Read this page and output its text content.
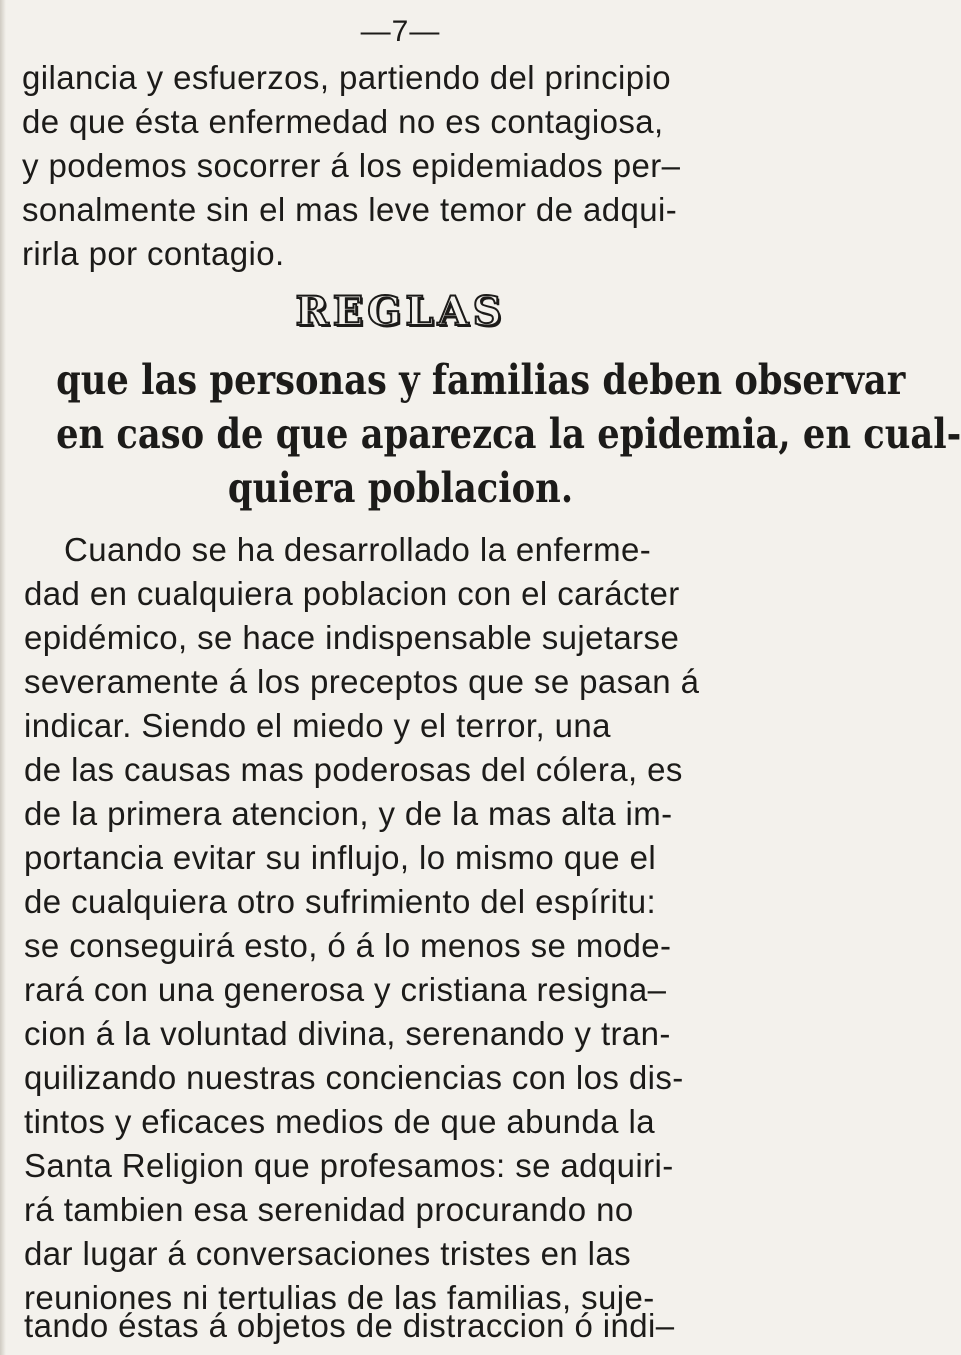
—7—
gilancia y esfuerzos, partiendo del principio
de que ésta enfermedad no es contagiosa,
y podemos socorrer á los epidemiados per–
sonalmente sin el mas leve temor de adqui-
rirla por contagio.
REGLAS
que las personas y familias deben observar
en caso de que aparezca la epidemia, en cual-
quiera poblacion.
Cuando se ha desarrollado la enferme-
dad en cualquiera poblacion con el carácter
epidémico, se hace indispensable sujetarse
severamente á los preceptos que se pasan á
indicar. Siendo el miedo y el terror, una
de las causas mas poderosas del cólera, es
de la primera atencion, y de la mas alta im-
portancia evitar su influjo, lo mismo que el
de cualquiera otro sufrimiento del espíritu:
se conseguirá esto, ó á lo menos se mode-
rará con una generosa y cristiana resigna–
cion á la voluntad divina, serenando y tran-
quilizando nuestras conciencias con los dis-
tintos y eficaces medios de que abunda la
Santa Religion que profesamos: se adquiri-
rá tambien esa serenidad procurando no
dar lugar á conversaciones tristes en las
reuniones ni tertulias de las familias, suje-
tando éstas á objetos de distraccion ó indi–
